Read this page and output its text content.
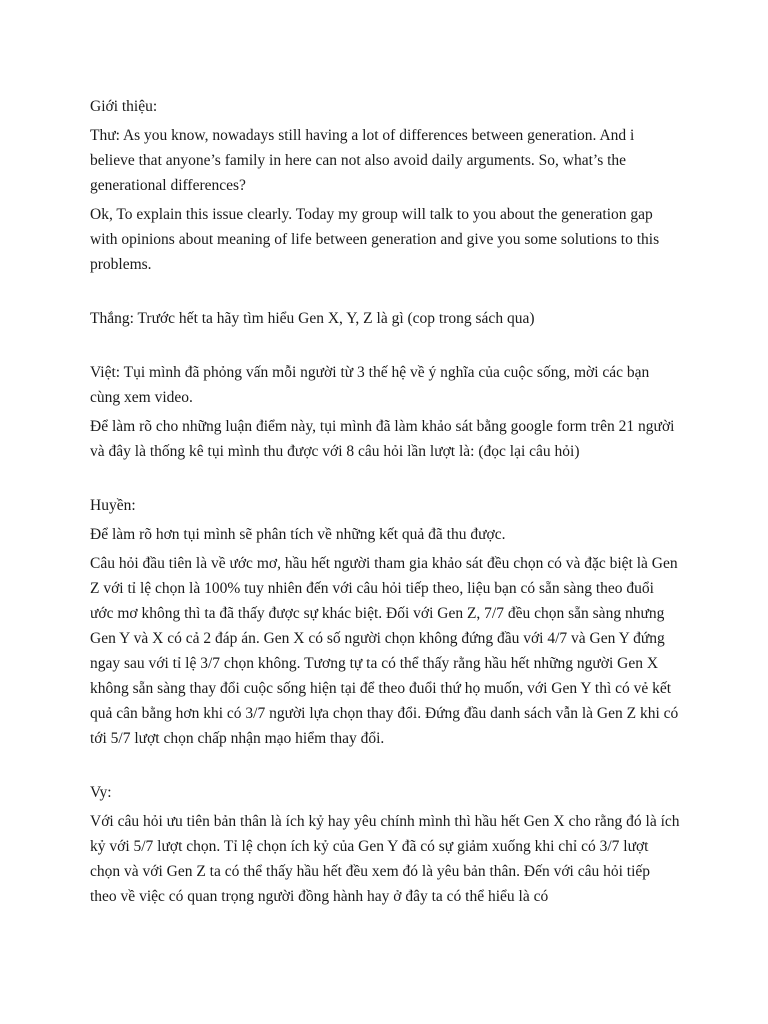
Giới thiệu:

Thư: As you know, nowadays still having a lot of differences between generation. And i believe that anyone’s family in here can not also avoid daily arguments. So, what’s the generational differences?

Ok, To explain this issue clearly. Today my group will talk to you about the generation gap with opinions about meaning of life between generation and give you some solutions to this problems.

Thắng: Trước hết ta hãy tìm hiểu Gen X, Y, Z là gì (cop trong sách qua)

Việt: Tụi mình đã phỏng vấn mỗi người từ 3 thế hệ về ý nghĩa của cuộc sống, mời các bạn cùng xem video.

Để làm rõ cho những luận điểm này, tụi mình đã làm khảo sát bằng google form trên 21 người và đây là thống kê tụi mình thu được với 8 câu hỏi lần lượt là: (đọc lại câu hỏi)

Huyền:

Để làm rõ hơn tụi mình sẽ phân tích về những kết quả đã thu được.

Câu hỏi đầu tiên là về ước mơ, hầu hết người tham gia khảo sát đều chọn có và đặc biệt là Gen Z với tỉ lệ chọn là 100% tuy nhiên đến với câu hỏi tiếp theo, liệu bạn có sẵn sàng theo đuổi ước mơ không thì ta đã thấy được sự khác biệt. Đối với Gen Z, 7/7 đều chọn sẵn sàng nhưng Gen Y và X có cả 2 đáp án. Gen X có số người chọn không đứng đầu với 4/7 và Gen Y đứng ngay sau với tỉ lệ 3/7 chọn không. Tương tự ta có thể thấy rằng hầu hết những người Gen X không sẵn sàng thay đổi cuộc sống hiện tại để theo đuổi thứ họ muốn, với Gen Y thì có vẻ kết quả cân bằng hơn khi có 3/7 người lựa chọn thay đổi. Đứng đầu danh sách vẫn là Gen Z khi có tới 5/7 lượt chọn chấp nhận mạo hiểm thay đổi.

Vy:

Với câu hỏi ưu tiên bản thân là ích kỷ hay yêu chính mình thì hầu hết Gen X cho rằng đó là ích kỷ với 5/7 lượt chọn. Tỉ lệ chọn ích kỷ của Gen Y đã có sự giảm xuống khi chỉ có 3/7 lượt chọn và với Gen Z ta có thể thấy hầu hết đều xem đó là yêu bản thân. Đến với câu hỏi tiếp theo về việc có quan trọng người đồng hành hay ở đây ta có thể hiểu là có
